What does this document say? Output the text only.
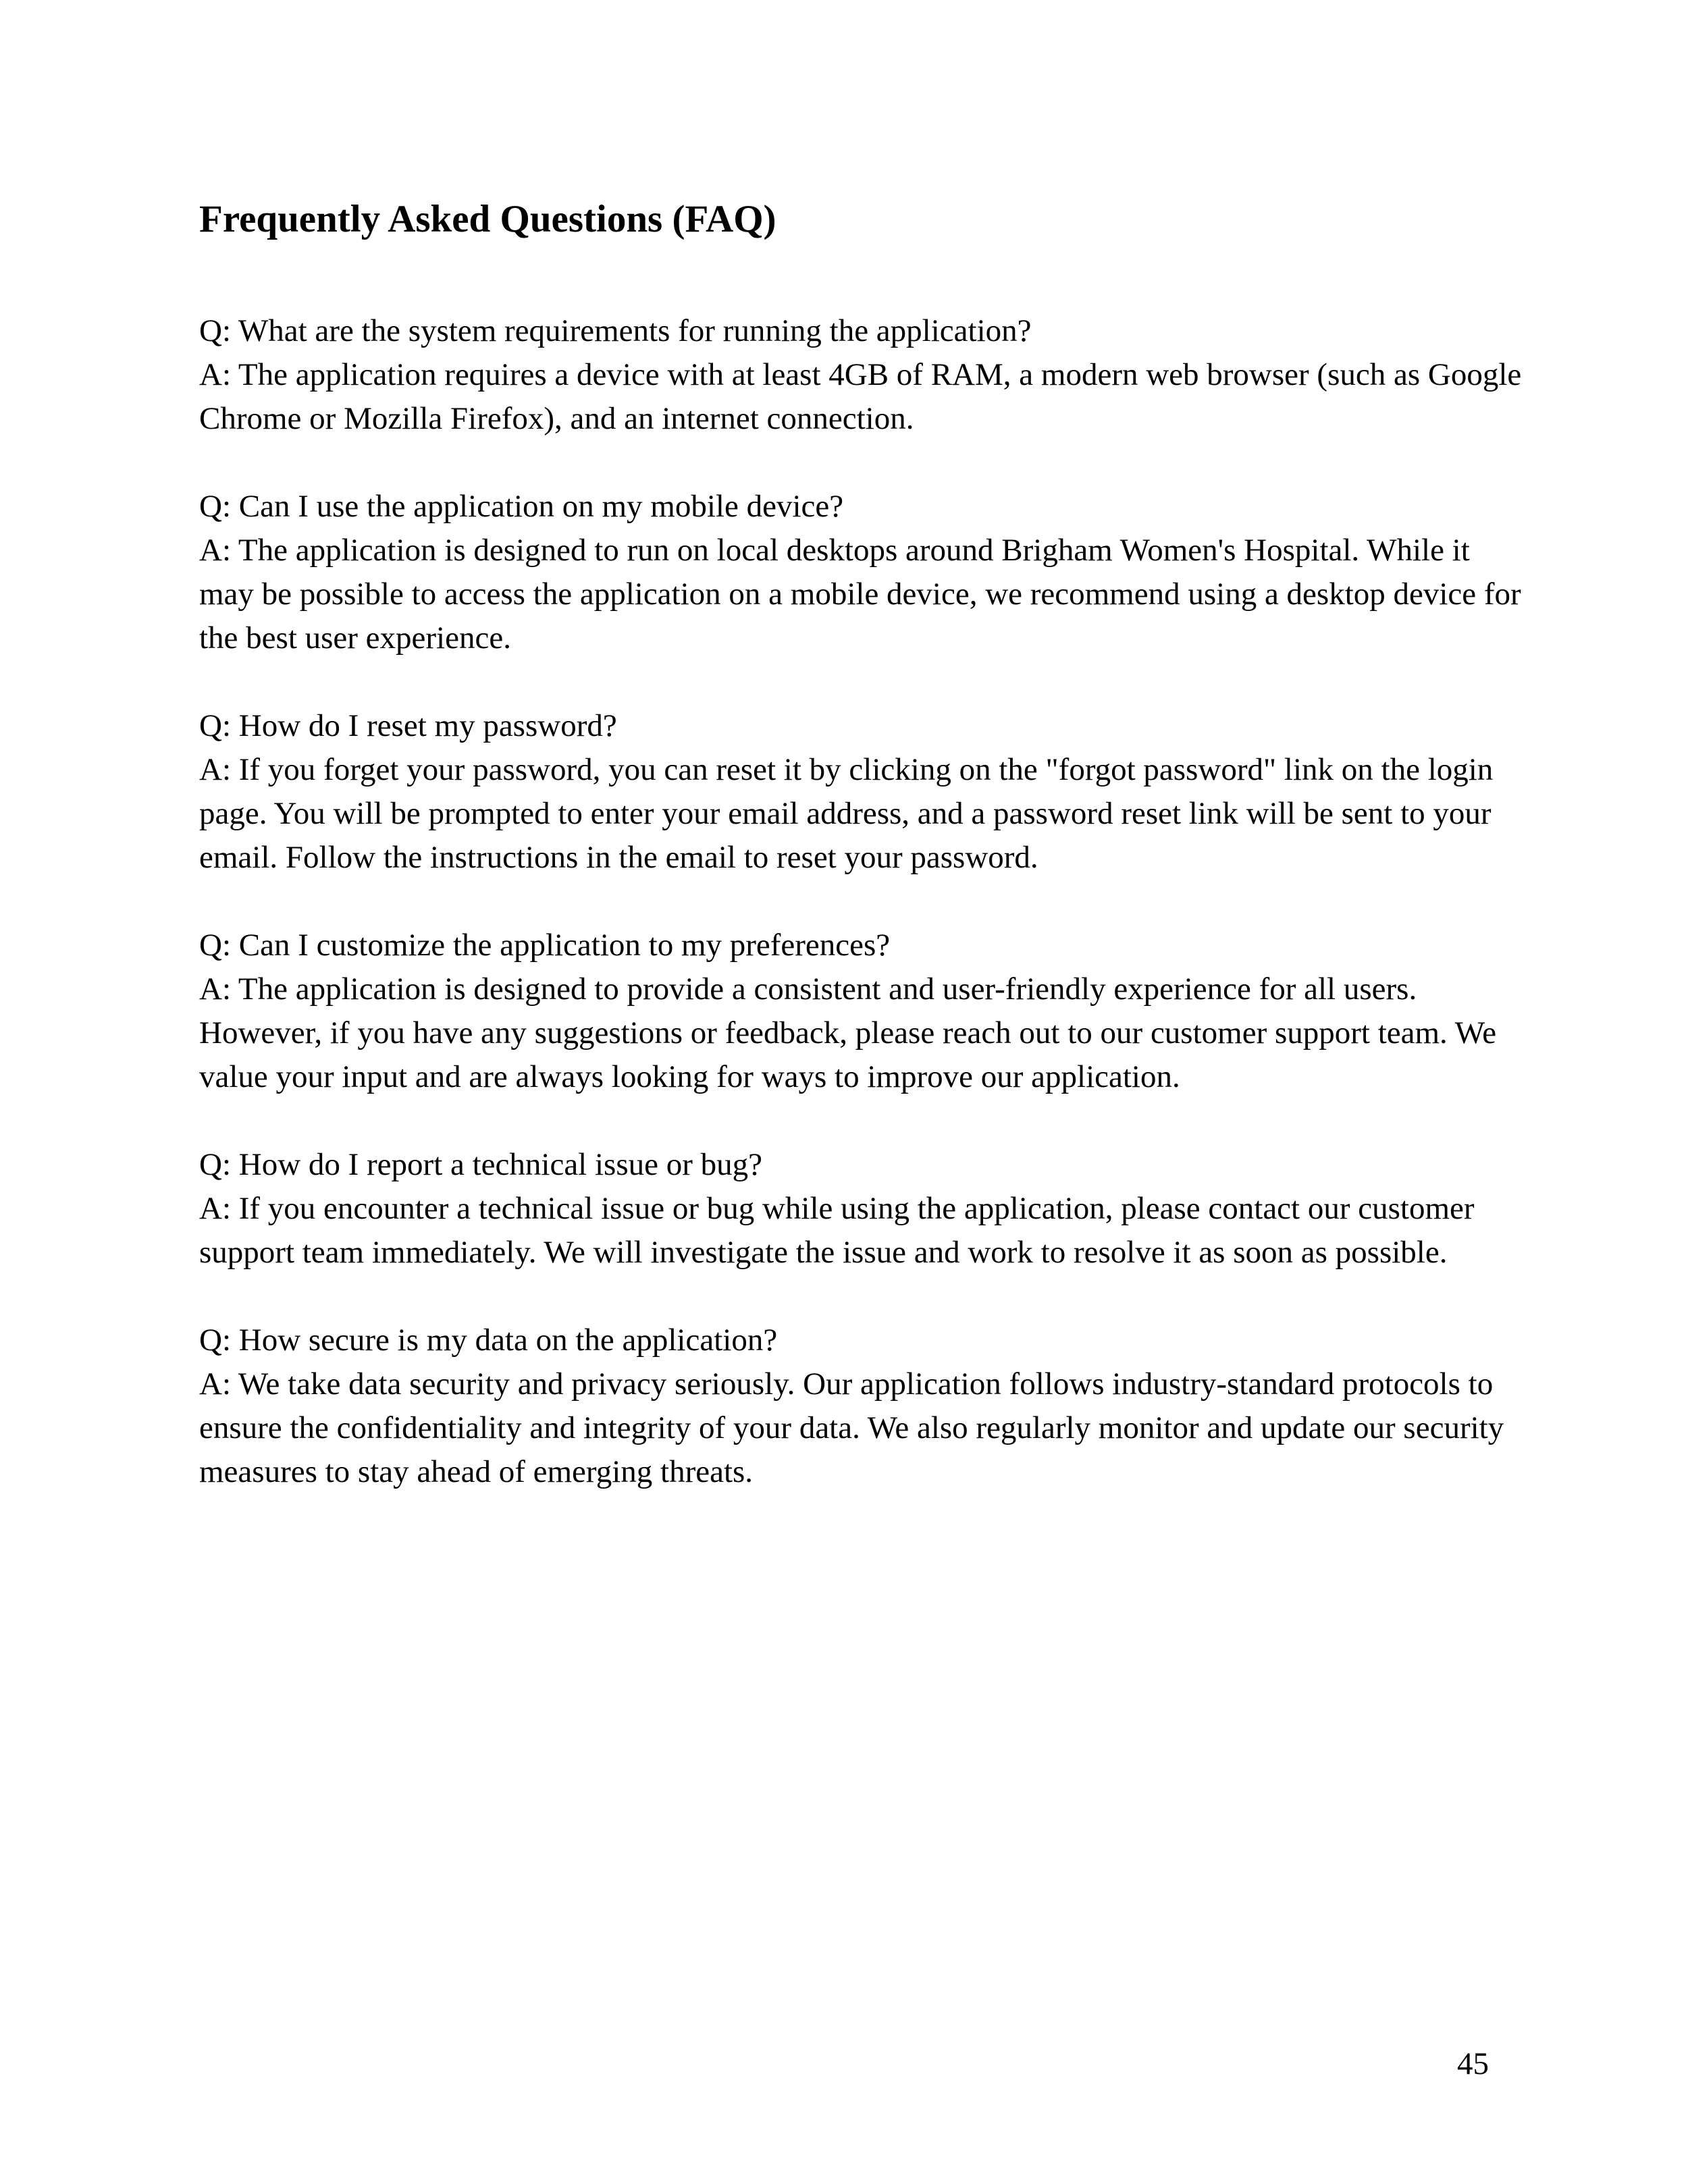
Frequently Asked Questions (FAQ)

Q: What are the system requirements for running the application?

A: The application requires a device with at least 4GB of RAM, a modern web browser (such as Google Chrome or Mozilla Firefox), and an internet connection.

Q: Can I use the application on my mobile device?

A: The application is designed to run on local desktops around Brigham Women's Hospital. While it may be possible to access the application on a mobile device, we recommend using a desktop device for the best user experience.

Q: How do I reset my password?

A: If you forget your password, you can reset it by clicking on the "forgot password" link on the login page. You will be prompted to enter your email address, and a password reset link will be sent to your email. Follow the instructions in the email to reset your password.

Q: Can I customize the application to my preferences?

A: The application is designed to provide a consistent and user-friendly experience for all users. However, if you have any suggestions or feedback, please reach out to our customer support team. We value your input and are always looking for ways to improve our application.

Q: How do I report a technical issue or bug?

A: If you encounter a technical issue or bug while using the application, please contact our customer support team immediately. We will investigate the issue and work to resolve it as soon as possible.

Q: How secure is my data on the application?

A: We take data security and privacy seriously. Our application follows industry-standard protocols to ensure the confidentiality and integrity of your data. We also regularly monitor and update our security measures to stay ahead of emerging threats.

45
